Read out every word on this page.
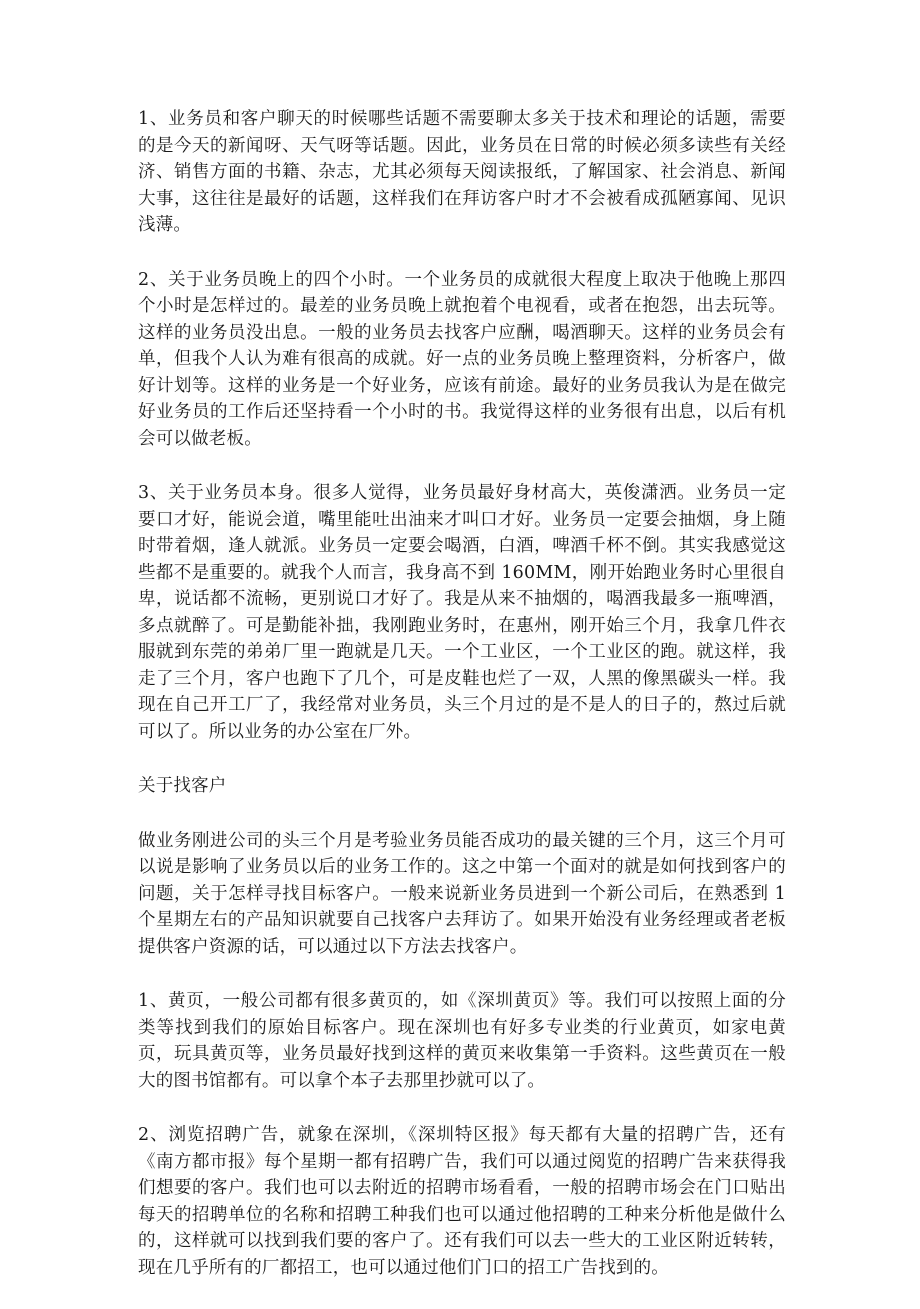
1、业务员和客户聊天的时候哪些话题不需要聊太多关于技术和理论的话题，需要的是今天的新闻呀、天气呀等话题。因此，业务员在日常的时候必须多读些有关经济、销售方面的书籍、杂志，尤其必须每天阅读报纸，了解国家、社会消息、新闻大事，这往往是最好的话题，这样我们在拜访客户时才不会被看成孤陋寡闻、见识浅薄。

2、关于业务员晚上的四个小时。一个业务员的成就很大程度上取决于他晚上那四个小时是怎样过的。最差的业务员晚上就抱着个电视看，或者在抱怨，出去玩等。这样的业务员没出息。一般的业务员去找客户应酬，喝酒聊天。这样的业务员会有单，但我个人认为难有很高的成就。好一点的业务员晚上整理资料，分析客户，做好计划等。这样的业务是一个好业务，应该有前途。最好的业务员我认为是在做完好业务员的工作后还坚持看一个小时的书。我觉得这样的业务很有出息，以后有机会可以做老板。

3、关于业务员本身。很多人觉得，业务员最好身材高大，英俊潇洒。业务员一定要口才好，能说会道，嘴里能吐出油来才叫口才好。业务员一定要会抽烟，身上随时带着烟，逢人就派。业务员一定要会喝酒，白酒，啤酒千杯不倒。其实我感觉这些都不是重要的。就我个人而言，我身高不到 160MM，刚开始跑业务时心里很自卑，说话都不流畅，更别说口才好了。我是从来不抽烟的，喝酒我最多一瓶啤酒，多点就醉了。可是勤能补拙，我刚跑业务时，在惠州，刚开始三个月，我拿几件衣服就到东莞的弟弟厂里一跑就是几天。一个工业区，一个工业区的跑。就这样，我走了三个月，客户也跑下了几个，可是皮鞋也烂了一双，人黑的像黑碳头一样。我现在自己开工厂了，我经常对业务员，头三个月过的是不是人的日子的，熬过后就可以了。所以业务的办公室在厂外。

关于找客户

做业务刚进公司的头三个月是考验业务员能否成功的最关键的三个月，这三个月可以说是影响了业务员以后的业务工作的。这之中第一个面对的就是如何找到客户的问题，关于怎样寻找目标客户。一般来说新业务员进到一个新公司后，在熟悉到 1 个星期左右的产品知识就要自己找客户去拜访了。如果开始没有业务经理或者老板提供客户资源的话，可以通过以下方法去找客户。

1、黄页，一般公司都有很多黄页的，如《深圳黄页》等。我们可以按照上面的分类等找到我们的原始目标客户。现在深圳也有好多专业类的行业黄页，如家电黄页，玩具黄页等，业务员最好找到这样的黄页来收集第一手资料。这些黄页在一般大的图书馆都有。可以拿个本子去那里抄就可以了。

2、浏览招聘广告，就象在深圳，《深圳特区报》每天都有大量的招聘广告，还有《南方都市报》每个星期一都有招聘广告，我们可以通过阅览的招聘广告来获得我们想要的客户。我们也可以去附近的招聘市场看看，一般的招聘市场会在门口贴出每天的招聘单位的名称和招聘工种我们也可以通过他招聘的工种来分析他是做什么的，这样就可以找到我们要的客户了。还有我们可以去一些大的工业区附近转转，现在几乎所有的厂都招工，也可以通过他们门口的招工广告找到的。
